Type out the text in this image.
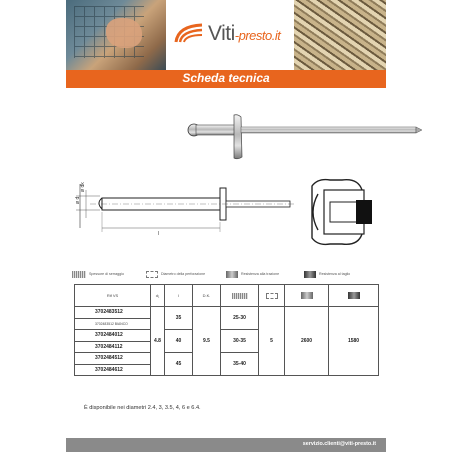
Viti-presto.it
Scheda tecnica
ø d
ø dk
l
Spessore di serraggio	Diametro della perforazione	Resistenza alla trazione	Resistenza al taglio
Rif VS	d₁	l	D.K.				
3702483512	4.8	35	9.5	25-30	5	2600	1580
3702483512 BIANCO							
3702484012		40		30-35			
3702484112							
3702484512		45		35-40			
3702484612							
È disponibile nei diametri 2.4, 3, 3.5, 4, 6 e 6.4.
servizio.clienti@viti-presto.it
